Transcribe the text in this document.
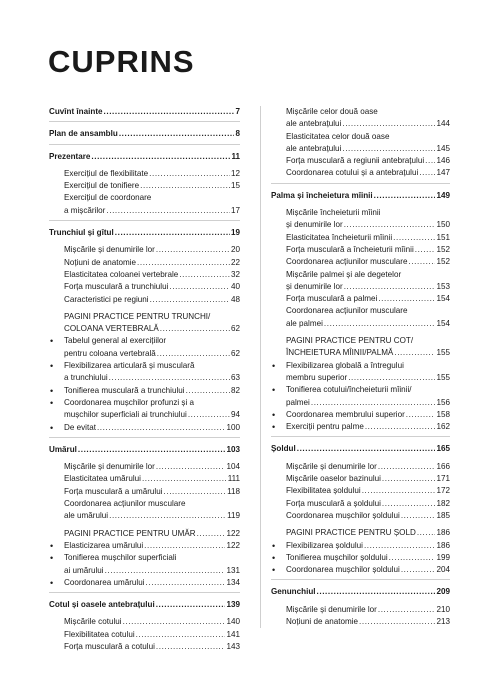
CUPRINS
Cuvînt înainte .....	7
Plan de ansamblu .....	8
Prezentare .....	11
Exercițiul de flexibilitate .....	12
Exercițiul de tonifiere .....	15
Exercițiul de coordonare
a mișcărilor .....	17
Trunchiul și gîtul .....	19
Mișcările și denumirile lor .....	20
Noțiuni de anatomie .....	22
Elasticitatea coloanei vertebrale .....	32
Forța musculară a trunchiului .....	40
Caracteristici pe regiuni .....	48
PAGINI PRACTICE PENTRU TRUNCHI/
COLOANA VERTEBRALĂ .....	62
• Tabelul general al exercițiilor
pentru coloana vertebrală .....	62
• Flexibilizarea articulară și musculară
a trunchiului .....	63
• Tonifierea musculară a trunchiului .....	82
• Coordonarea mușchilor profunzi și a
mușchilor superficiali ai trunchiului .....	94
• De evitat .....	100
Umărul .....	103
Mișcările și denumirile lor .....	104
Elasticitatea umărului .....	111
Forța musculară a umărului .....	118
Coordonarea acțiunilor musculare
ale umărului .....	119
PAGINI PRACTICE PENTRU UMĂR .....	122
• Elasticizarea umărului .....	122
• Tonifierea mușchilor superficiali
ai umărului .....	131
• Coordonarea umărului .....	134
Cotul și oasele antebrațului .....	139
Mișcările cotului .....	140
Flexibilitatea cotului .....	141
Forța musculară a cotului .....	143
Mișcările celor două oase
ale antebrațului .....	144
Elasticitatea celor două oase
ale antebrațului .....	145
Forța musculară a regiunii antebrațului ..... 146
Coordonarea cotului și a antebrațului ..... 147
Palma și încheietura mîinii .....	149
Mișcările încheieturii mîinii
și denumirile lor .....	150
Elasticitatea încheieturii mîinii .....	151
Forța musculară a încheieturii mîinii .....	152
Coordonarea acțiunilor musculare .....	152
Mișcările palmei și ale degetelor
și denumirile lor .....	153
Forța musculară a palmei .....	154
Coordonarea acțiunilor musculare
ale palmei .....	154
PAGINI PRACTICE PENTRU COT/
ÎNCHEIETURA MÎINII/PALMĂ .....	155
• Flexibilizarea globală a întregului
membru superior .....	155
• Tonifierea cotului/încheieturii mîinii/
palmei .....	156
• Coordonarea membrului superior .....	158
• Exerciții pentru palme .....	162
Șoldul .....	165
Mișcările și denumirile lor .....	166
Mișcările oaselor bazinului .....	171
Flexibilitatea șoldului .....	172
Forța musculară a șoldului .....	182
Coordonarea mușchilor șoldului .....	185
PAGINI PRACTICE PENTRU ȘOLD .....	186
• Flexibilizarea șoldului .....	186
• Tonifierea mușchilor șoldului .....	199
• Coordonarea mușchilor șoldului .....	204
Genunchiul .....	209
Mișcările și denumirile lor .....	210
Noțiuni de anatomie .....	213
